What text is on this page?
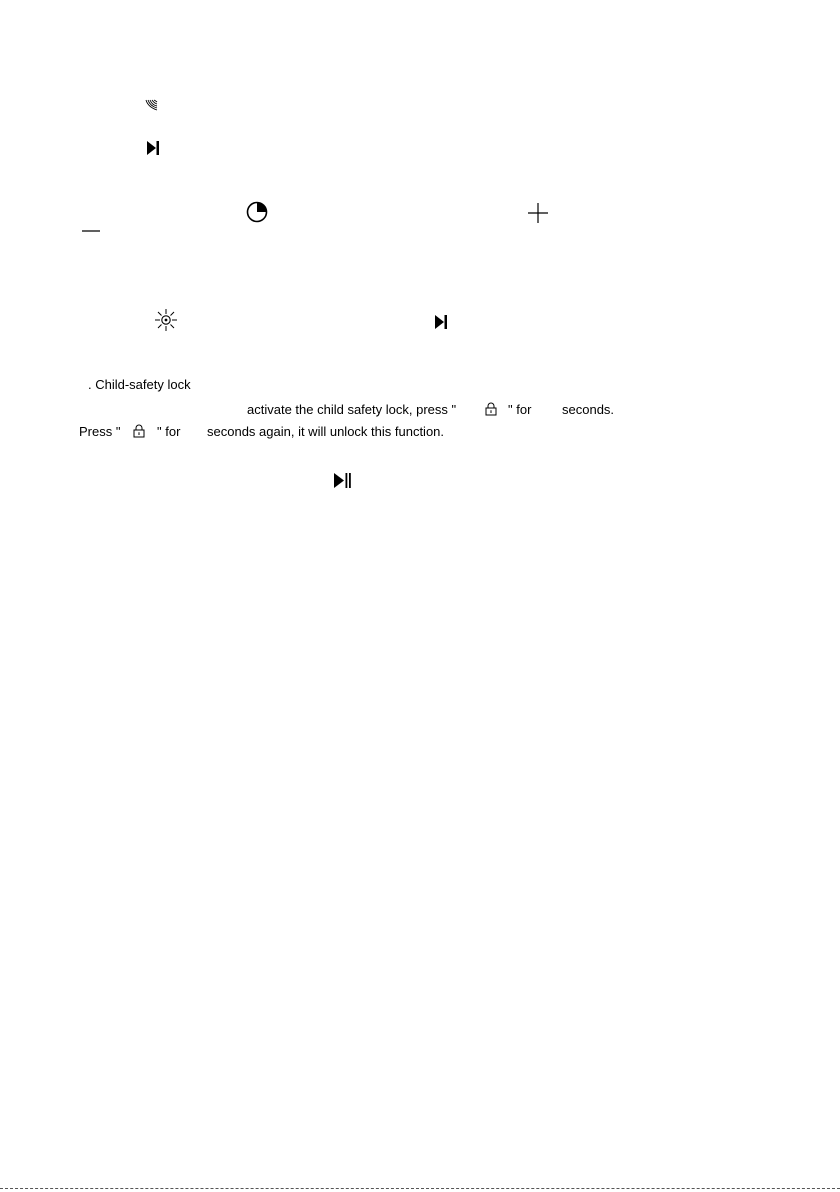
. Child-safety lock
activate the child safety lock, press "	" for seconds.
Press "	" for seconds again, it will unlock this function.
